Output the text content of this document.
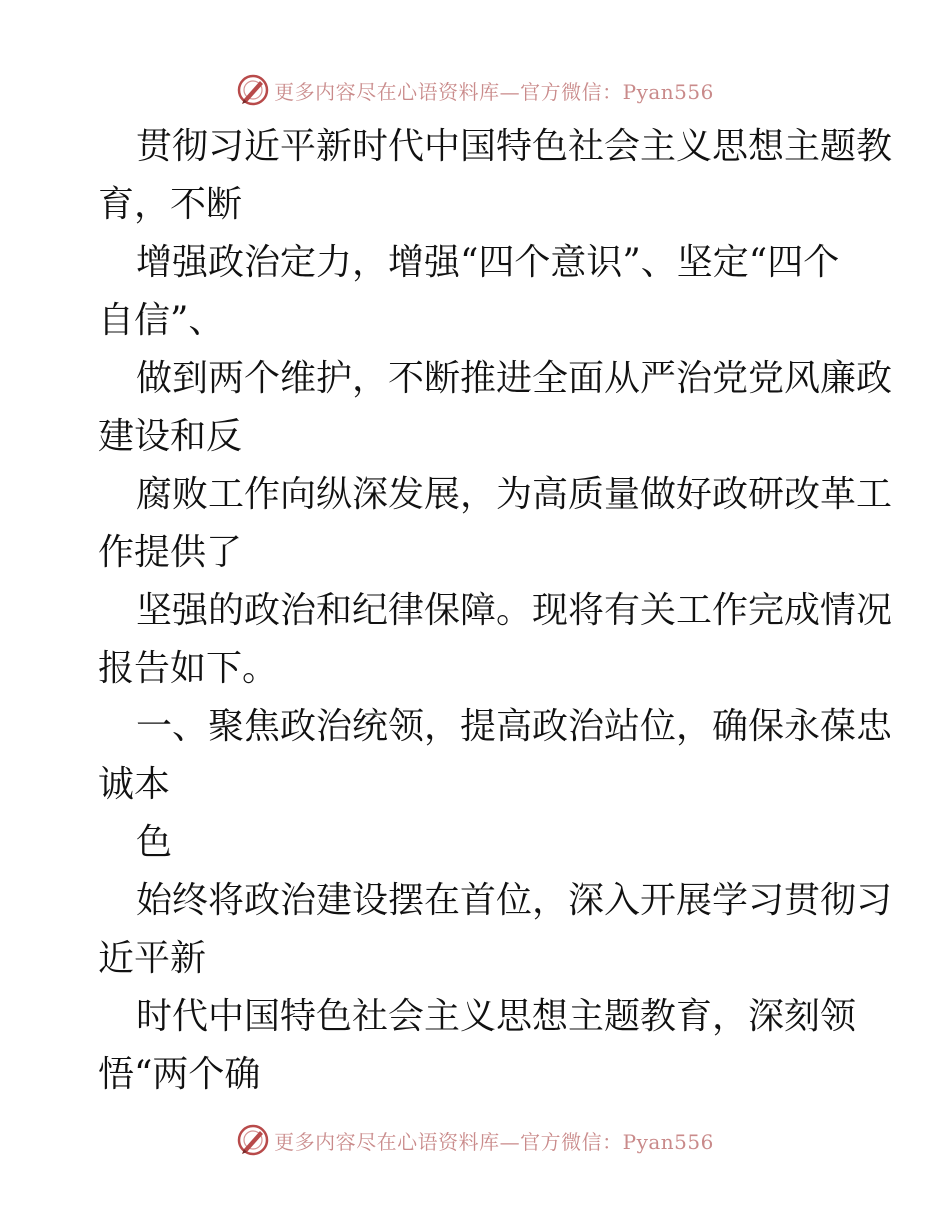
更多内容尽在心语资料库—官方微信：Pyan556
贯彻习近平新时代中国特色社会主义思想主题教
育，不断
增强政治定力，增强“四个意识”、坚定“四个
自信”、
做到两个维护，不断推进全面从严治党党风廉政
建设和反
腐败工作向纵深发展，为高质量做好政研改革工
作提供了
坚强的政治和纪律保障。现将有关工作完成情况
报告如下。
一、聚焦政治统领，提高政治站位，确保永葆忠
诚本
色
始终将政治建设摆在首位，深入开展学习贯彻习
近平新
时代中国特色社会主义思想主题教育，深刻领
悟“两个确
更多内容尽在心语资料库—官方微信：Pyan556
